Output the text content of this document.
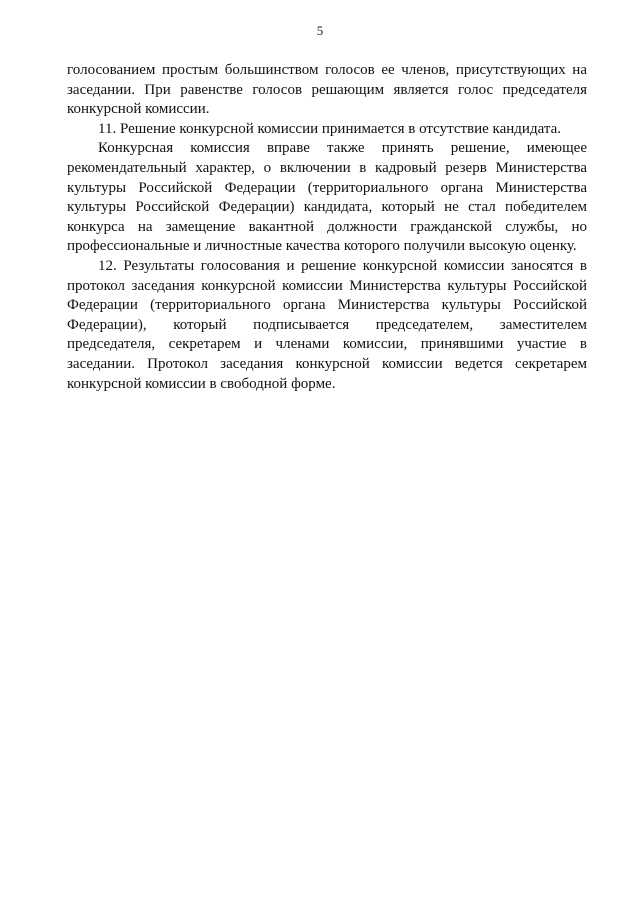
5

голосованием простым большинством голосов ее членов, присутствующих на заседании. При равенстве голосов решающим является голос председателя конкурсной комиссии.

11. Решение конкурсной комиссии принимается в отсутствие кандидата.

Конкурсная комиссия вправе также принять решение, имеющее рекомендательный характер, о включении в кадровый резерв Министерства культуры Российской Федерации (территориального органа Министерства культуры Российской Федерации) кандидата, который не стал победителем конкурса на замещение вакантной должности гражданской службы, но профессиональные и личностные качества которого получили высокую оценку.

12. Результаты голосования и решение конкурсной комиссии заносятся в протокол заседания конкурсной комиссии Министерства культуры Российской Федерации (территориального органа Министерства культуры Российской Федерации), который подписывается председателем, заместителем председателя, секретарем и членами комиссии, принявшими участие в заседании. Протокол заседания конкурсной комиссии ведется секретарем конкурсной комиссии в свободной форме.
